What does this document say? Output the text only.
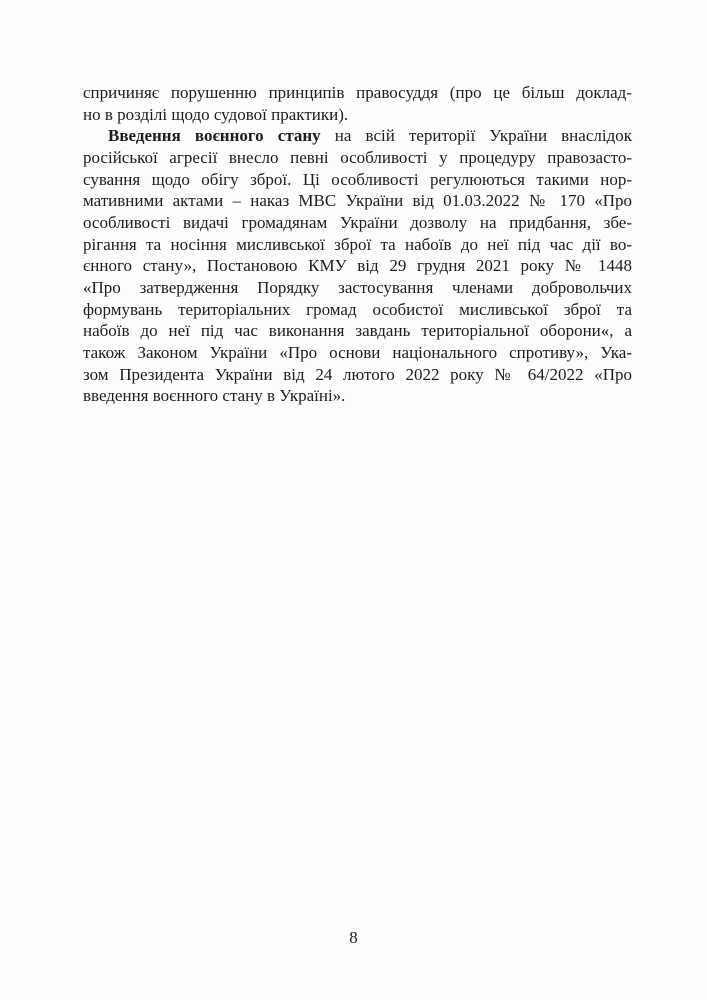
спричиняє порушенню принципів правосуддя (про це більш доклад-
но в розділі щодо судової практики).
Введення воєнного стану на всій території України внаслідок
російської агресії внесло певні особливості у процедуру правозасто-
сування щодо обігу зброї. Ці особливості регулюються такими нор-
мативними актами – наказ МВС України від 01.03.2022 № 170 «Про
особливості видачі громадянам України дозволу на придбання, збе-
рігання та носіння мисливської зброї та набоїв до неї під час дії во-
єнного стану», Постановою КМУ від 29 грудня 2021 року № 1448
«Про затвердження Порядку застосування членами добровольчих
формувань територіальних громад особистої мисливської зброї та
набоїв до неї під час виконання завдань територіальної оборони«, а
також Законом України «Про основи національного спротиву», Ука-
зом Президента України від 24 лютого 2022 року № 64/2022 «Про
введення воєнного стану в Україні».
8
